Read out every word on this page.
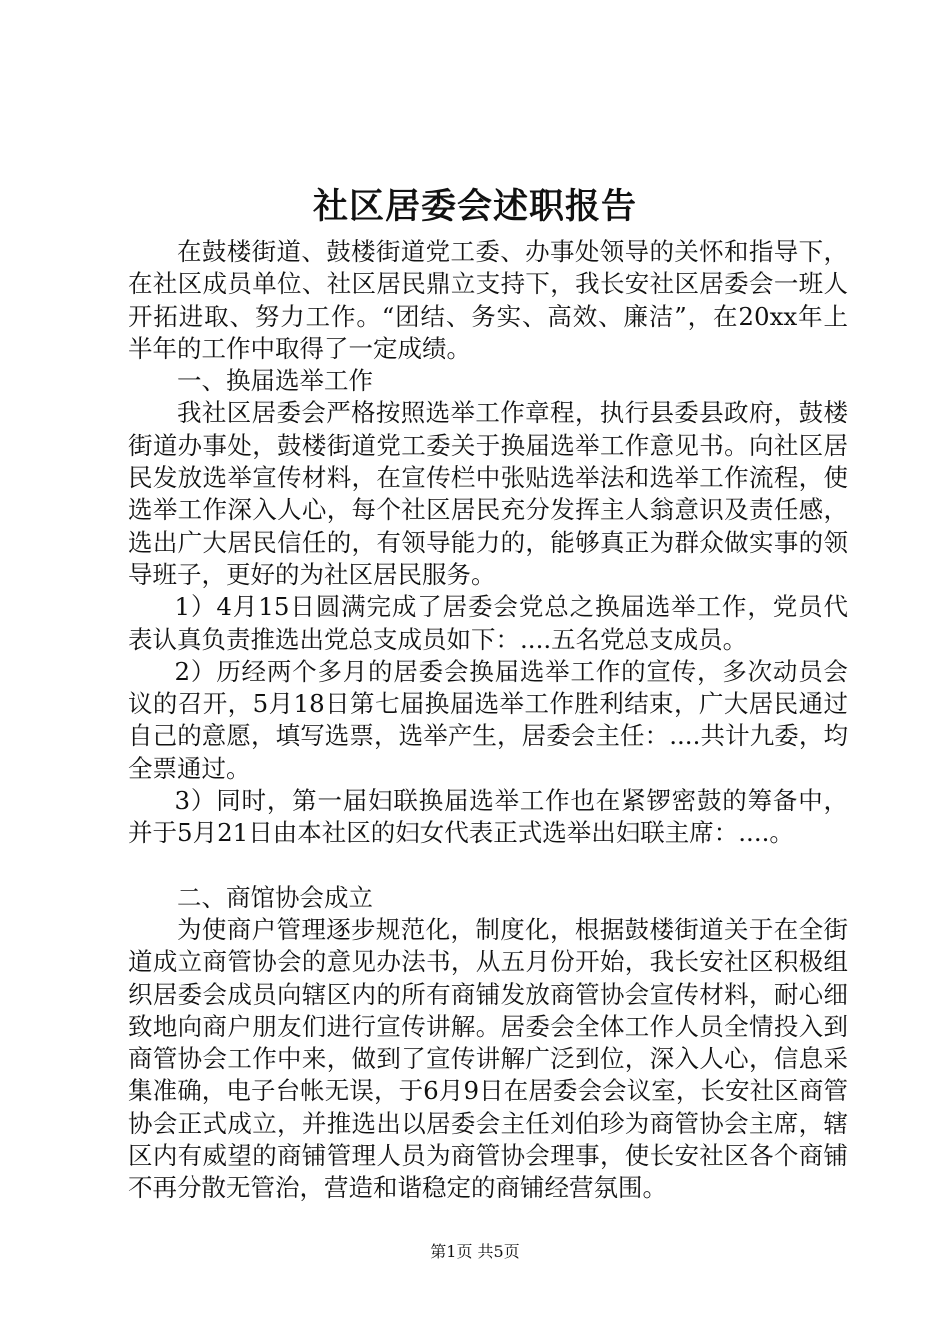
社区居委会述职报告

在鼓楼街道、鼓楼街道党工委、办事处领导的关怀和指导下，在社区成员单位、社区居民鼎立支持下，我长安社区居委会一班人开拓进取、努力工作。“团结、务实、高效、廉洁”，在20xx年上半年的工作中取得了一定成绩。

一、换届选举工作

我社区居委会严格按照选举工作章程，执行县委县政府，鼓楼街道办事处，鼓楼街道党工委关于换届选举工作意见书。向社区居民发放选举宣传材料，在宣传栏中张贴选举法和选举工作流程，使选举工作深入人心，每个社区居民充分发挥主人翁意识及责任感，选出广大居民信任的，有领导能力的，能够真正为群众做实事的领导班子，更好的为社区居民服务。

1）4月15日圆满完成了居委会党总之换届选举工作，党员代表认真负责推选出党总支成员如下：....五名党总支成员。

2）历经两个多月的居委会换届选举工作的宣传，多次动员会议的召开，5月18日第七届换届选举工作胜利结束，广大居民通过自己的意愿，填写选票，选举产生，居委会主任：....共计九委，均全票通过。

3）同时，第一届妇联换届选举工作也在紧锣密鼓的筹备中，并于5月21日由本社区的妇女代表正式选举出妇联主席：....。

二、商馆协会成立

为使商户管理逐步规范化，制度化，根据鼓楼街道关于在全街道成立商管协会的意见办法书，从五月份开始，我长安社区积极组织居委会成员向辖区内的所有商铺发放商管协会宣传材料，耐心细致地向商户朋友们进行宣传讲解。居委会全体工作人员全情投入到商管协会工作中来，做到了宣传讲解广泛到位，深入人心，信息采集准确，电子台帐无误，于6月9日在居委会会议室，长安社区商管协会正式成立，并推选出以居委会主任刘伯珍为商管协会主席，辖区内有威望的商铺管理人员为商管协会理事，使长安社区各个商铺不再分散无管治，营造和谐稳定的商铺经营氛围。

第1页 共5页
